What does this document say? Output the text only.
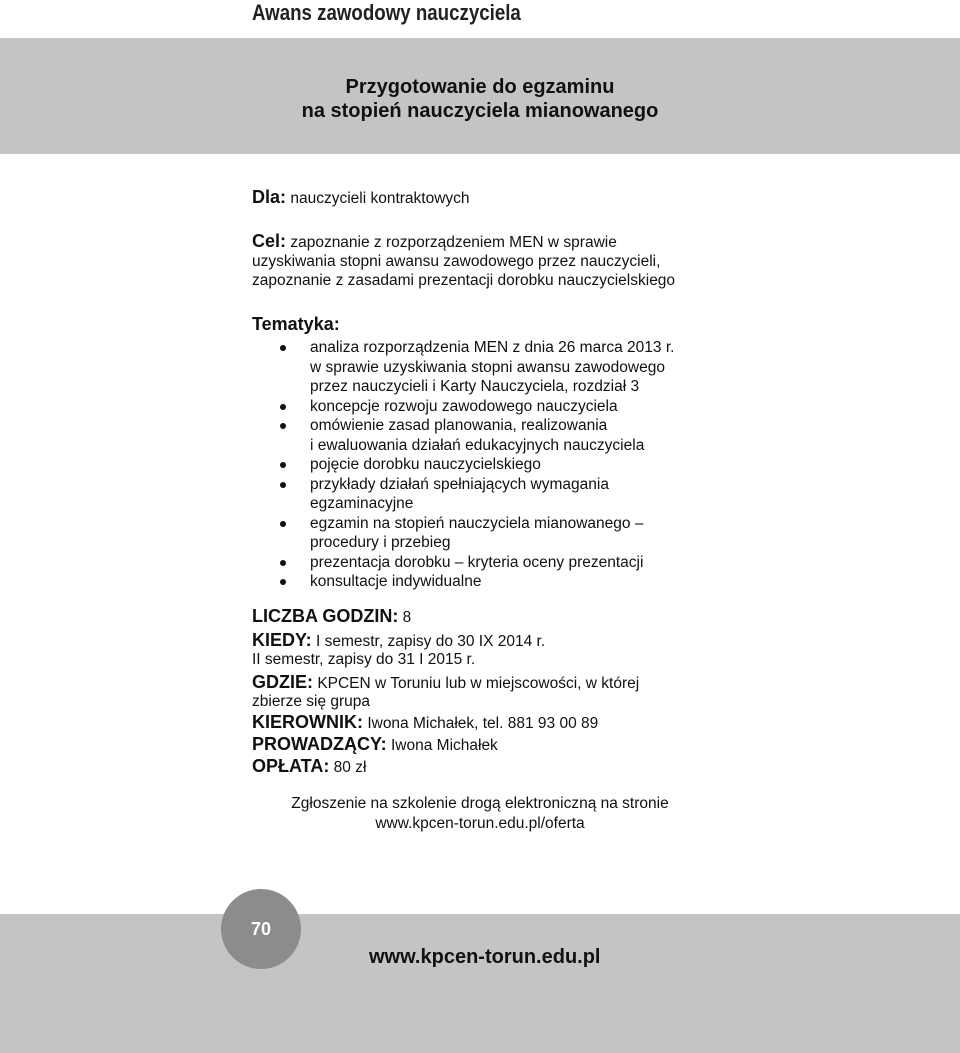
Awans zawodowy nauczyciela
Przygotowanie do egzaminu
na stopień nauczyciela mianowanego
Dla: nauczycieli kontraktowych
Cel: zapoznanie z rozporządzeniem MEN w sprawie
uzyskiwania stopni awansu zawodowego przez nauczycieli,
zapoznanie z zasadami prezentacji dorobku nauczycielskiego
Tematyka:
analiza rozporządzenia MEN z dnia 26 marca 2013 r.
w sprawie uzyskiwania stopni awansu zawodowego
przez nauczycieli i Karty Nauczyciela, rozdział 3
koncepcje rozwoju zawodowego nauczyciela
omówienie zasad planowania, realizowania
i ewaluowania działań edukacyjnych nauczyciela
pojęcie dorobku nauczycielskiego
przykłady działań spełniających wymagania
egzaminacyjne
egzamin na stopień nauczyciela mianowanego –
procedury i przebieg
prezentacja dorobku – kryteria oceny prezentacji
konsultacje indywidualne
LICZBA GODZIN: 8
KIEDY: I semestr, zapisy do 30 IX 2014 r.
II semestr, zapisy do 31 I 2015 r.
GDZIE: KPCEN w Toruniu lub w miejscowości, w której
zbierze się grupa
KIEROWNIK: Iwona Michałek, tel. 881 93 00 89
PROWADZĄCY: Iwona Michałek
OPŁATA: 80 zł
Zgłoszenie na szkolenie drogą elektroniczną na stronie
www.kpcen-torun.edu.pl/oferta
70
www.kpcen-torun.edu.pl
